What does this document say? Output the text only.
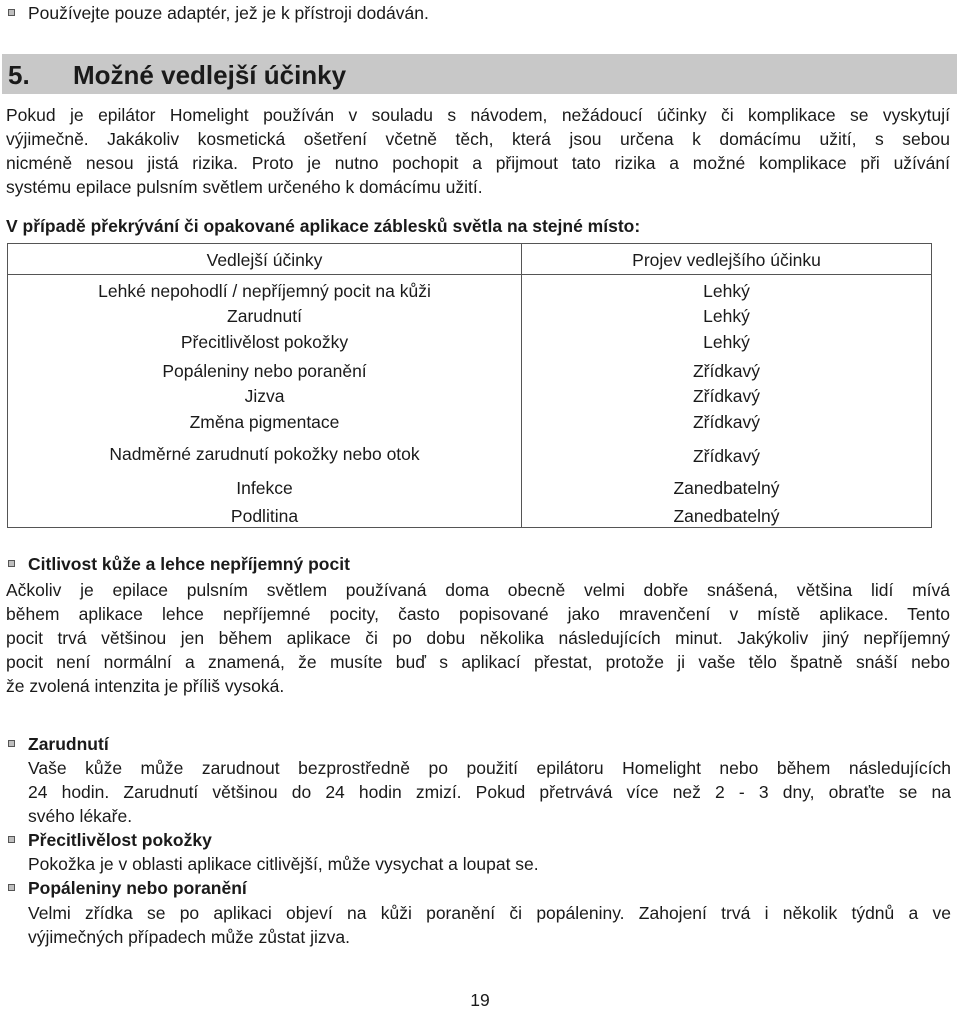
Používejte pouze adaptér, jež je k přístroji dodáván.
5. Možné vedlejší účinky
Pokud je epilátor Homelight používán v souladu s návodem, nežádoucí účinky či komplikace se vyskytují
výjimečně. Jakákoliv kosmetická ošetření včetně těch, která jsou určena k domácímu užití, s sebou
nicméně nesou jistá rizika. Proto je nutno pochopit a přijmout tato rizika a možné komplikace při užívání
systému epilace pulsním světlem určeného k domácímu užití.
V případě překrývání či opakované aplikace záblesků světla na stejné místo:
Vedlejší účinky	Projev vedlejšího účinku
Lehké nepohodlí / nepříjemný pocit na kůži	Lehký
Zarudnutí	Lehký
Přecitlivělost pokožky	Lehký
Popáleniny nebo poranění	Zřídkavý
Jizva	Zřídkavý
Změna pigmentace	Zřídkavý
Nadměrné zarudnutí pokožky nebo otok	Zřídkavý
Infekce	Zanedbatelný
Podlitina	Zanedbatelný
Citlivost kůže a lehce nepříjemný pocit
Ačkoliv je epilace pulsním světlem používaná doma obecně velmi dobře snášená, většina lidí mívá
během aplikace lehce nepříjemné pocity, často popisované jako mravenčení v místě aplikace. Tento
pocit trvá většinou jen během aplikace či po dobu několika následujících minut. Jakýkoliv jiný nepříjemný
pocit není normální a znamená, že musíte buď s aplikací přestat, protože ji vaše tělo špatně snáší nebo
že zvolená intenzita je příliš vysoká.
Zarudnutí
Vaše kůže může zarudnout bezprostředně po použití epilátoru Homelight nebo během následujících
24 hodin. Zarudnutí většinou do 24 hodin zmizí. Pokud přetrvává více než 2 - 3 dny, obraťte se na
svého lékaře.
Přecitlivělost pokožky
Pokožka je v oblasti aplikace citlivější, může vysychat a loupat se.
Popáleniny nebo poranění
Velmi zřídka se po aplikaci objeví na kůži poranění či popáleniny. Zahojení trvá i několik týdnů a ve
výjimečných případech může zůstat jizva.
19
